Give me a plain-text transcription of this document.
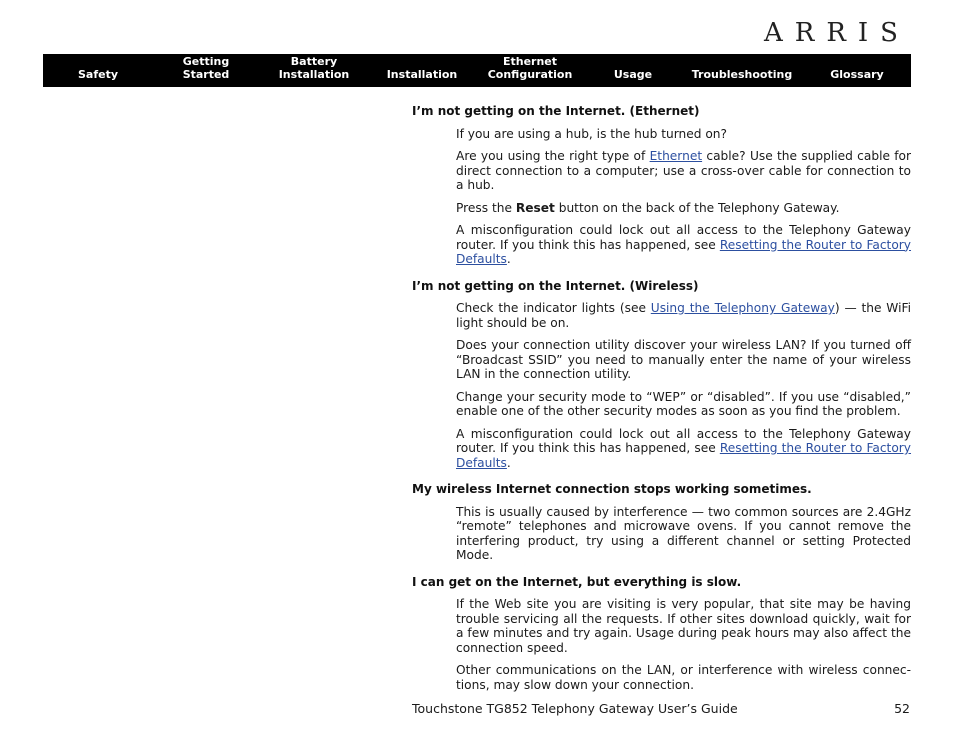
ARRIS
Safety
Getting
Started
Battery
Installation	Installation
Ethernet
Configuration	Usage	Troubleshooting	Glossary
I’m not getting on the Internet. (Ethernet)

If you are using a hub, is the hub turned on?

Are you using the right type of Ethernet cable? Use the supplied cable for direct connection to a computer; use a cross-over cable for connection to a hub.

Press the Reset button on the back of the Telephony Gateway.

A misconfiguration could lock out all access to the Telephony Gateway router. If you think this has happened, see Resetting the Router to Factory Defaults.

I’m not getting on the Internet. (Wireless)

Check the indicator lights (see Using the Telephony Gateway) — the WiFi light should be on.

Does your connection utility discover your wireless LAN? If you turned off “Broadcast SSID” you need to manually enter the name of your wireless LAN in the connection utility.

Change your security mode to “WEP” or “disabled”. If you use “disabled,” enable one of the other security modes as soon as you find the problem.

A misconfiguration could lock out all access to the Telephony Gateway router. If you think this has happened, see Resetting the Router to Factory Defaults.

My wireless Internet connection stops working sometimes.

This is usually caused by interference — two common sources are 2.4GHz “remote” telephones and microwave ovens. If you cannot remove the interfering product, try using a different channel or setting Protected Mode.

I can get on the Internet, but everything is slow.

If the Web site you are visiting is very popular, that site may be having trouble servicing all the requests. If other sites download quickly, wait for a few minutes and try again. Usage during peak hours may also affect the connection speed.

Other communications on the LAN, or interference with wireless connections, may slow down your connection.

Touchstone TG852 Telephony Gateway User’s Guide	52
